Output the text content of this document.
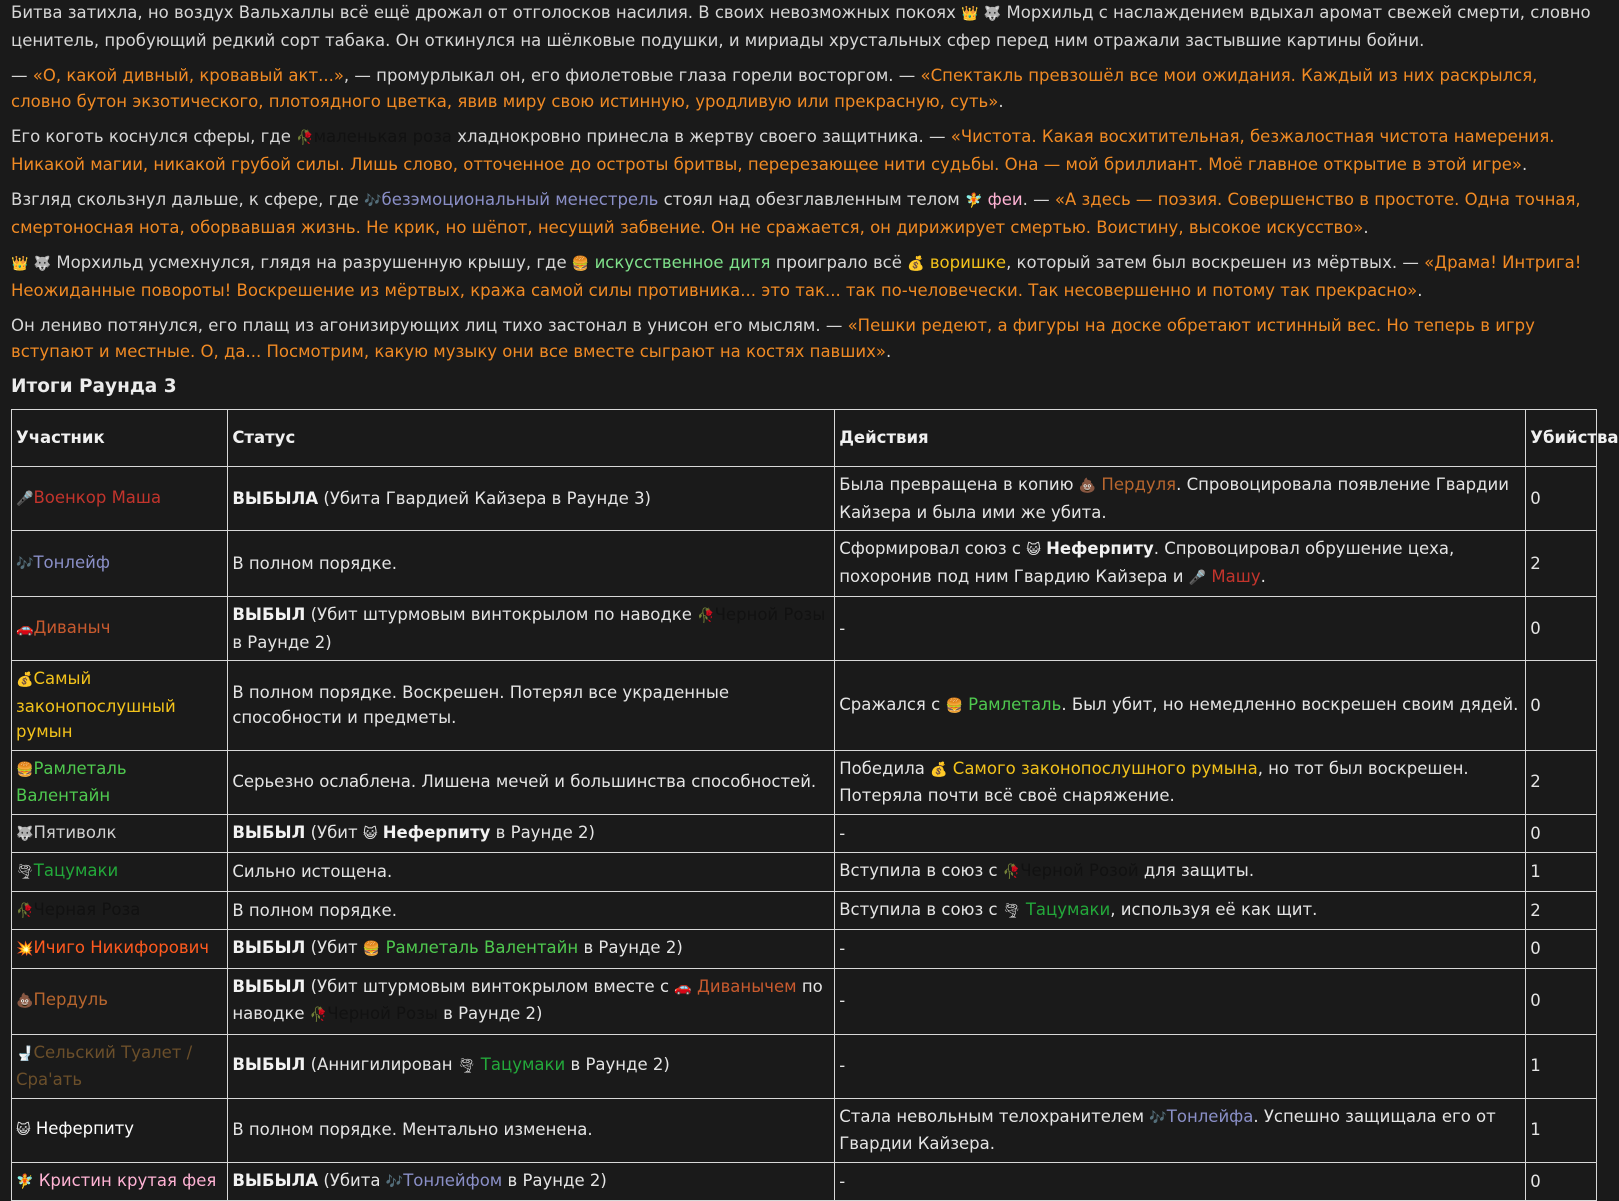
Битва затихла, но воздух Вальхаллы всё ещё дрожал от отголосков насилия. В своих невозможных покоях 👑 🐺 Морхильд с наслаждением вдыхал аромат свежей смерти, словно ценитель, пробующий редкий сорт табака. Он откинулся на шёлковые подушки, и мириады хрустальных сфер перед ним отражали застывшие картины бойни.

— «О, какой дивный, кровавый акт...», — промурлыкал он, его фиолетовые глаза горели восторгом. — «Спектакль превзошёл все мои ожидания. Каждый из них раскрылся, словно бутон экзотического, плотоядного цветка, явив миру свою истинную, уродливую или прекрасную, суть».

Его коготь коснулся сферы, где 🥀маленькая роза хладнокровно принесла в жертву своего защитника. — «Чистота. Какая восхитительная, безжалостная чистота намерения. Никакой магии, никакой грубой силы. Лишь слово, отточенное до остроты бритвы, перерезающее нити судьбы. Она — мой бриллиант. Моё главное открытие в этой игре».

Взгляд скользнул дальше, к сфере, где 🎶безэмоциональный менестрель стоял над обезглавленным телом 🧚 феи. — «А здесь — поэзия. Совершенство в простоте. Одна точная, смертоносная нота, оборвавшая жизнь. Не крик, но шёпот, несущий забвение. Он не сражается, он дирижирует смертью. Воистину, высокое искусство».

👑 🐺 Морхильд усмехнулся, глядя на разрушенную крышу, где 🍔 искусственное дитя проиграло всё 💰 воришке, который затем был воскрешен из мёртвых. — «Драма! Интрига! Неожиданные повороты! Воскрешение из мёртвых, кража самой силы противника... это так... так по-человечески. Так несовершенно и потому так прекрасно».

Он лениво потянулся, его плащ из агонизирующих лиц тихо застонал в унисон его мыслям. — «Пешки редеют, а фигуры на доске обретают истинный вес. Но теперь в игру вступают и местные. О, да... Посмотрим, какую музыку они все вместе сыграют на костях павших».

Итоги Раунда 3
Участник	Статус	Действия	Убийства
🎤Военкор Маша	ВЫБЫЛА (Убита Гвардией Кайзера в Раунде 3)	Была превращена в копию 💩 Пердуля. Спровоцировала появление Гвардии Кайзера и была ими же убита.	0
🎶Тонлейф	В полном порядке.	Сформировал союз с 😺 Неферпиту. Спровоцировал обрушение цеха, похоронив под ним Гвардию Кайзера и 🎤 Машу.	2
🚗Диваныч	ВЫБЫЛ (Убит штурмовым винтокрылом по наводке 🥀Черной Розы в Раунде 2)	-	0
💰Самый законопослушный румын	В полном порядке. Воскрешен. Потерял все украденные способности и предметы.	Сражался с 🍔 Рамлеталь. Был убит, но немедленно воскрешен своим дядей.	0
🍔Рамлеталь Валентайн	Серьезно ослаблена. Лишена мечей и большинства способностей.	Победила 💰 Самого законопослушного румына, но тот был воскрешен. Потеряла почти всё своё снаряжение.	2
🐺Пятиволк	ВЫБЫЛ (Убит 😺 Неферпиту в Раунде 2)	-	0
🌪Тацумаки	Сильно истощена.	Вступила в союз с 🥀Черной Розой для защиты.	1
🥀Черная Роза	В полном порядке.	Вступила в союз с 🌪 Тацумаки, используя её как щит.	2
💥Ичиго Никифорович	ВЫБЫЛ (Убит 🍔 Рамлеталь Валентайн в Раунде 2)	-	0
💩Пердуль	ВЫБЫЛ (Убит штурмовым винтокрылом вместе с 🚗 Диванычем по наводке 🥀Черной Розы в Раунде 2)	-	0
🚽Сельский Туалет / Сра'ать	ВЫБЫЛ (Аннигилирован 🌪 Тацумаки в Раунде 2)	-	1
😺 Неферпиту	В полном порядке. Ментально изменена.	Стала невольным телохранителем 🎶Тонлейфа. Успешно защищала его от Гвардии Кайзера.	1
🧚 Кристин крутая фея	ВЫБЫЛА (Убита 🎶Тонлейфом в Раунде 2)	-	0
